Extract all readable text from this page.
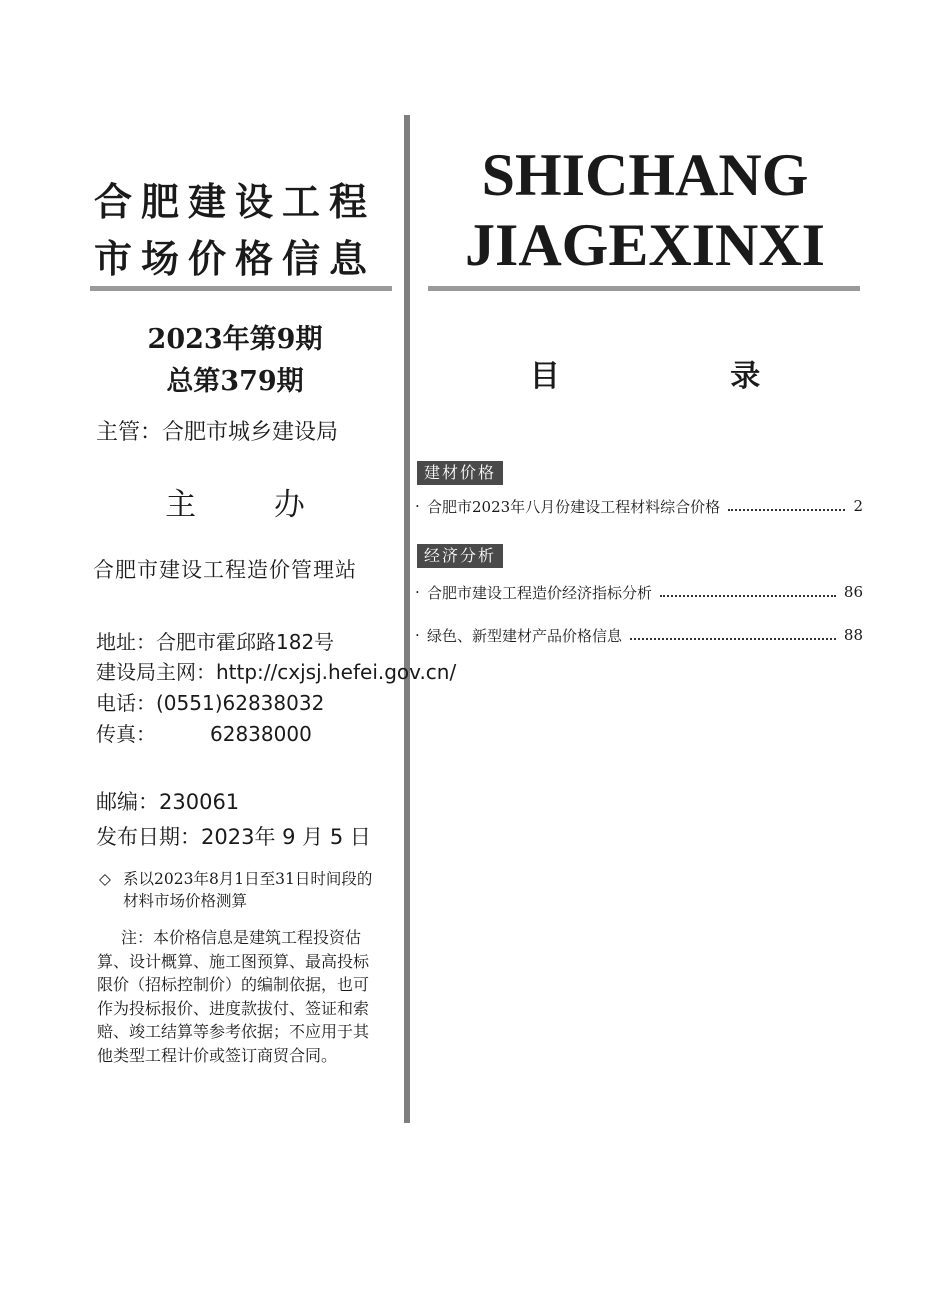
合肥建设工程
市场价格信息
SHICHANG
JIAGEXINXI
2023年第9期
总第379期
主管：合肥市城乡建设局
主 办
合肥市建设工程造价管理站
地址：合肥市霍邱路182号
建设局主网：http://cxjsj.hefei.gov.cn/
电话：(0551)62838032
传真：	62838000
邮编：230061
发布日期：2023年 9 月 5 日
◇ 系以2023年8月1日至31日时间段的
材料市场价格测算
注：本价格信息是建筑工程投资估
算、设计概算、施工图预算、最高投标
限价（招标控制价）的编制依据，也可
作为投标报价、进度款拔付、签证和索
赔、竣工结算等参考依据；不应用于其
他类型工程计价或签订商贸合同。
目 录
建材价格
· 合肥市2023年八月份建设工程材料综合价格	2
经济分析
· 合肥市建设工程造价经济指标分析	86
· 绿色、新型建材产品价格信息	88
